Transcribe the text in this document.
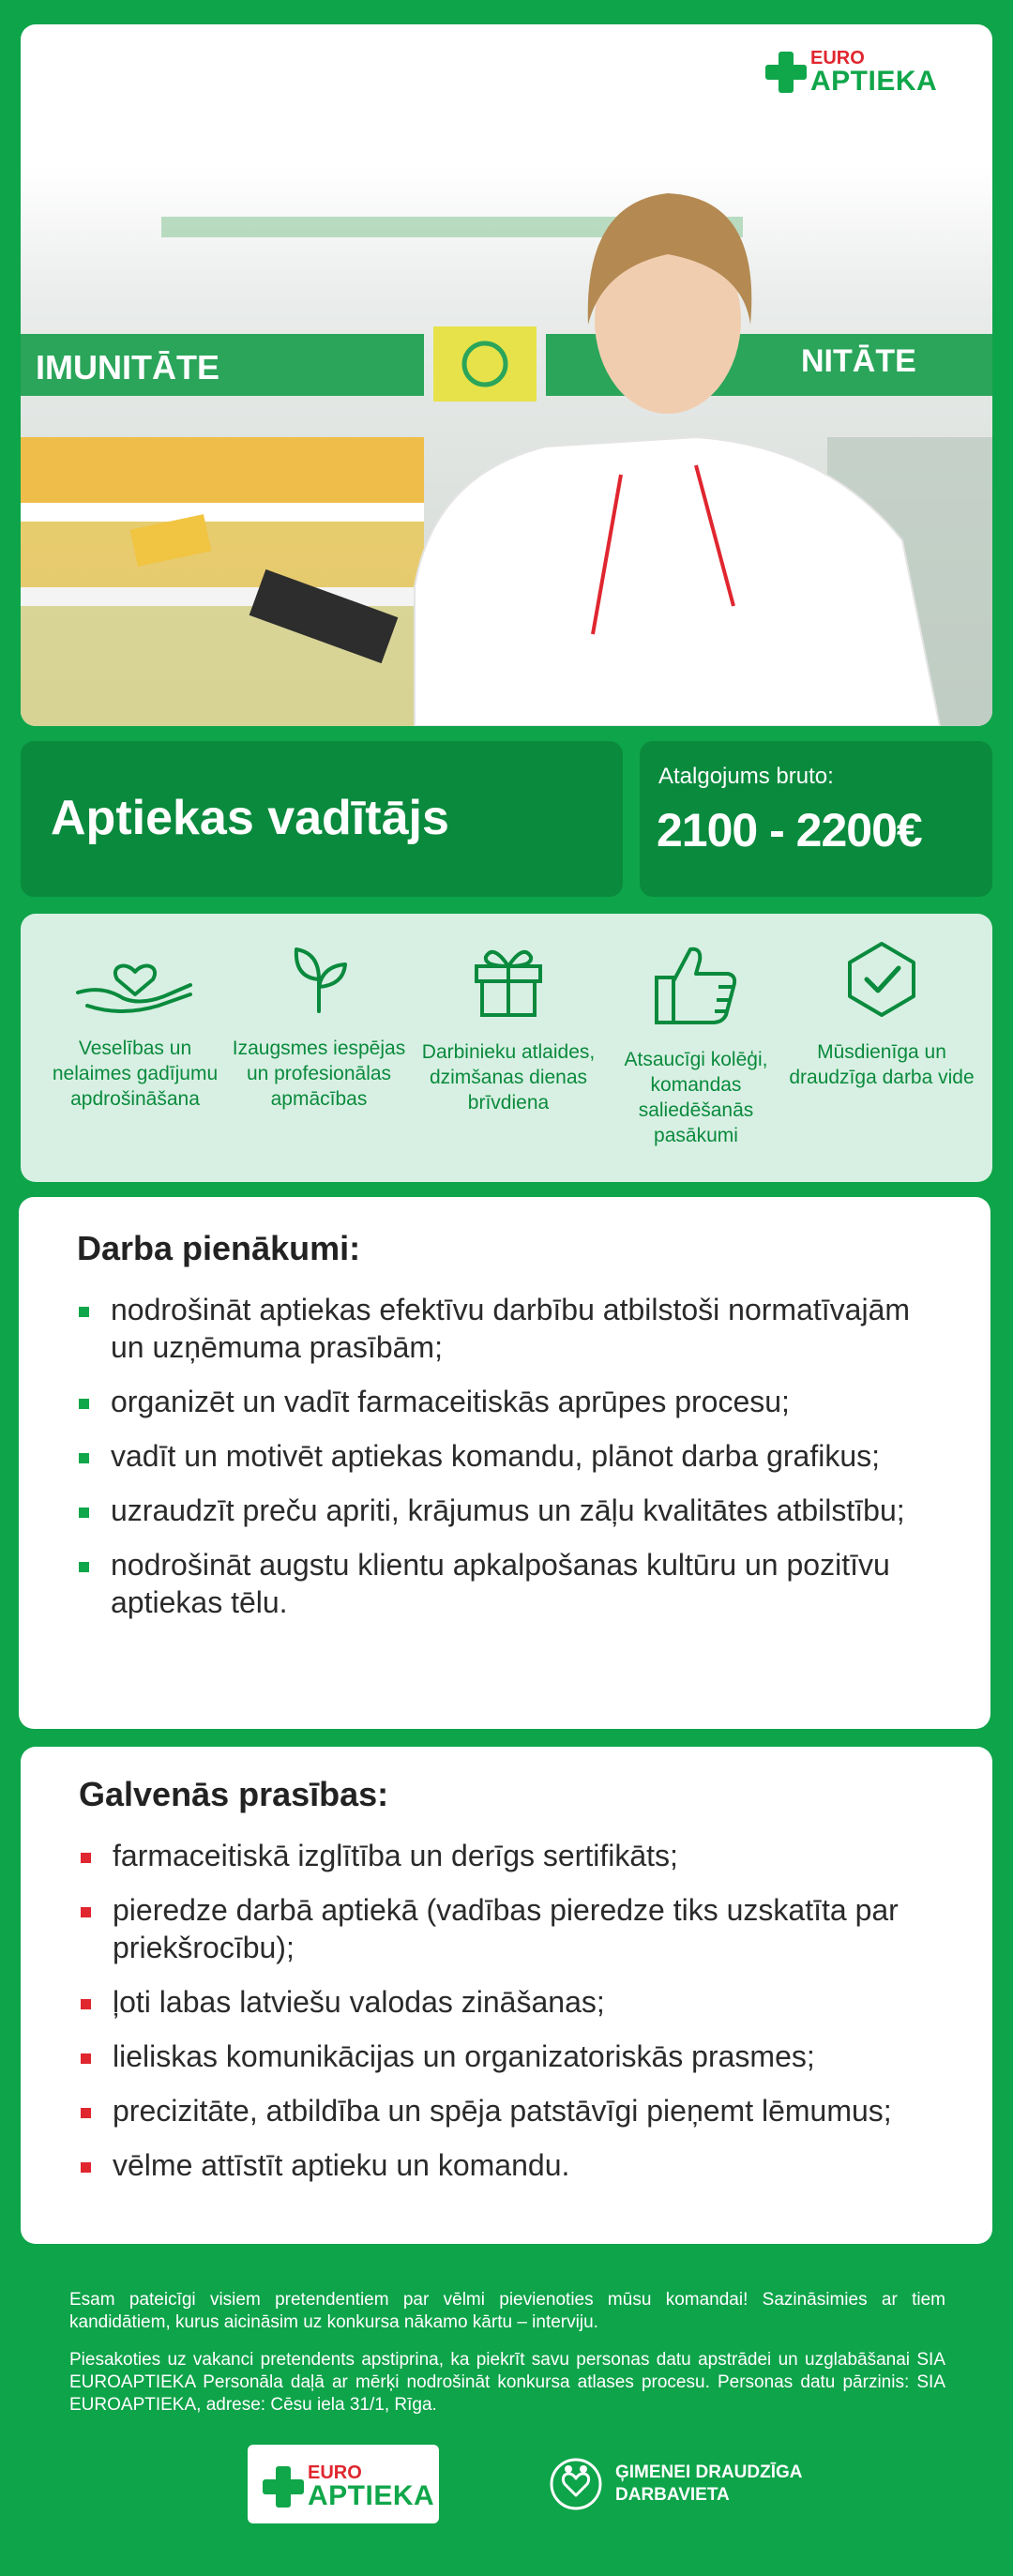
IMUNITĀTE	NITĀTE
EURO
APTIEKA
Aptiekas vadītājs
Atalgojums bruto:
2100 - 2200€
Veselības un nelaimes gadījumu apdrošināšana
Izaugsmes iespējas un profesionālas apmācības
Darbinieku atlaides, dzimšanas dienas brīvdiena
Atsaucīgi kolēģi, komandas saliedēšanās pasākumi
Mūsdienīga un draudzīga darba vide
Darba pienākumi:
nodrošināt aptiekas efektīvu darbību atbilstoši normatīvajām un uzņēmuma prasībām;
organizēt un vadīt farmaceitiskās aprūpes procesu;
vadīt un motivēt aptiekas komandu, plānot darba grafikus;
uzraudzīt preču apriti, krājumus un zāļu kvalitātes atbilstību;
nodrošināt augstu klientu apkalpošanas kultūru un pozitīvu aptiekas tēlu.
Galvenās prasības:
farmaceitiskā izglītība un derīgs sertifikāts;
pieredze darbā aptiekā (vadības pieredze tiks uzskatīta par priekšrocību);
ļoti labas latviešu valodas zināšanas;
lieliskas komunikācijas un organizatoriskās prasmes;
precizitāte, atbildība un spēja patstāvīgi pieņemt lēmumus;
vēlme attīstīt aptieku un komandu.

Esam pateicīgi visiem pretendentiem par vēlmi pievienoties mūsu komandai! Sazināsimies ar tiem kandidātiem, kurus aicināsim uz konkursa nākamo kārtu – interviju.

Piesakoties uz vakanci pretendents apstiprina, ka piekrīt savu personas datu apstrādei un uzglabāšanai SIA EUROAPTIEKA Personāla daļā ar mērķi nodrošināt konkursa atlases procesu. Personas datu pārzinis: SIA EUROAPTIEKA, adrese: Cēsu iela 31/1, Rīga.

EURO
APTIEKA
ĢIMENEI DRAUDZĪGA
DARBAVIETA
